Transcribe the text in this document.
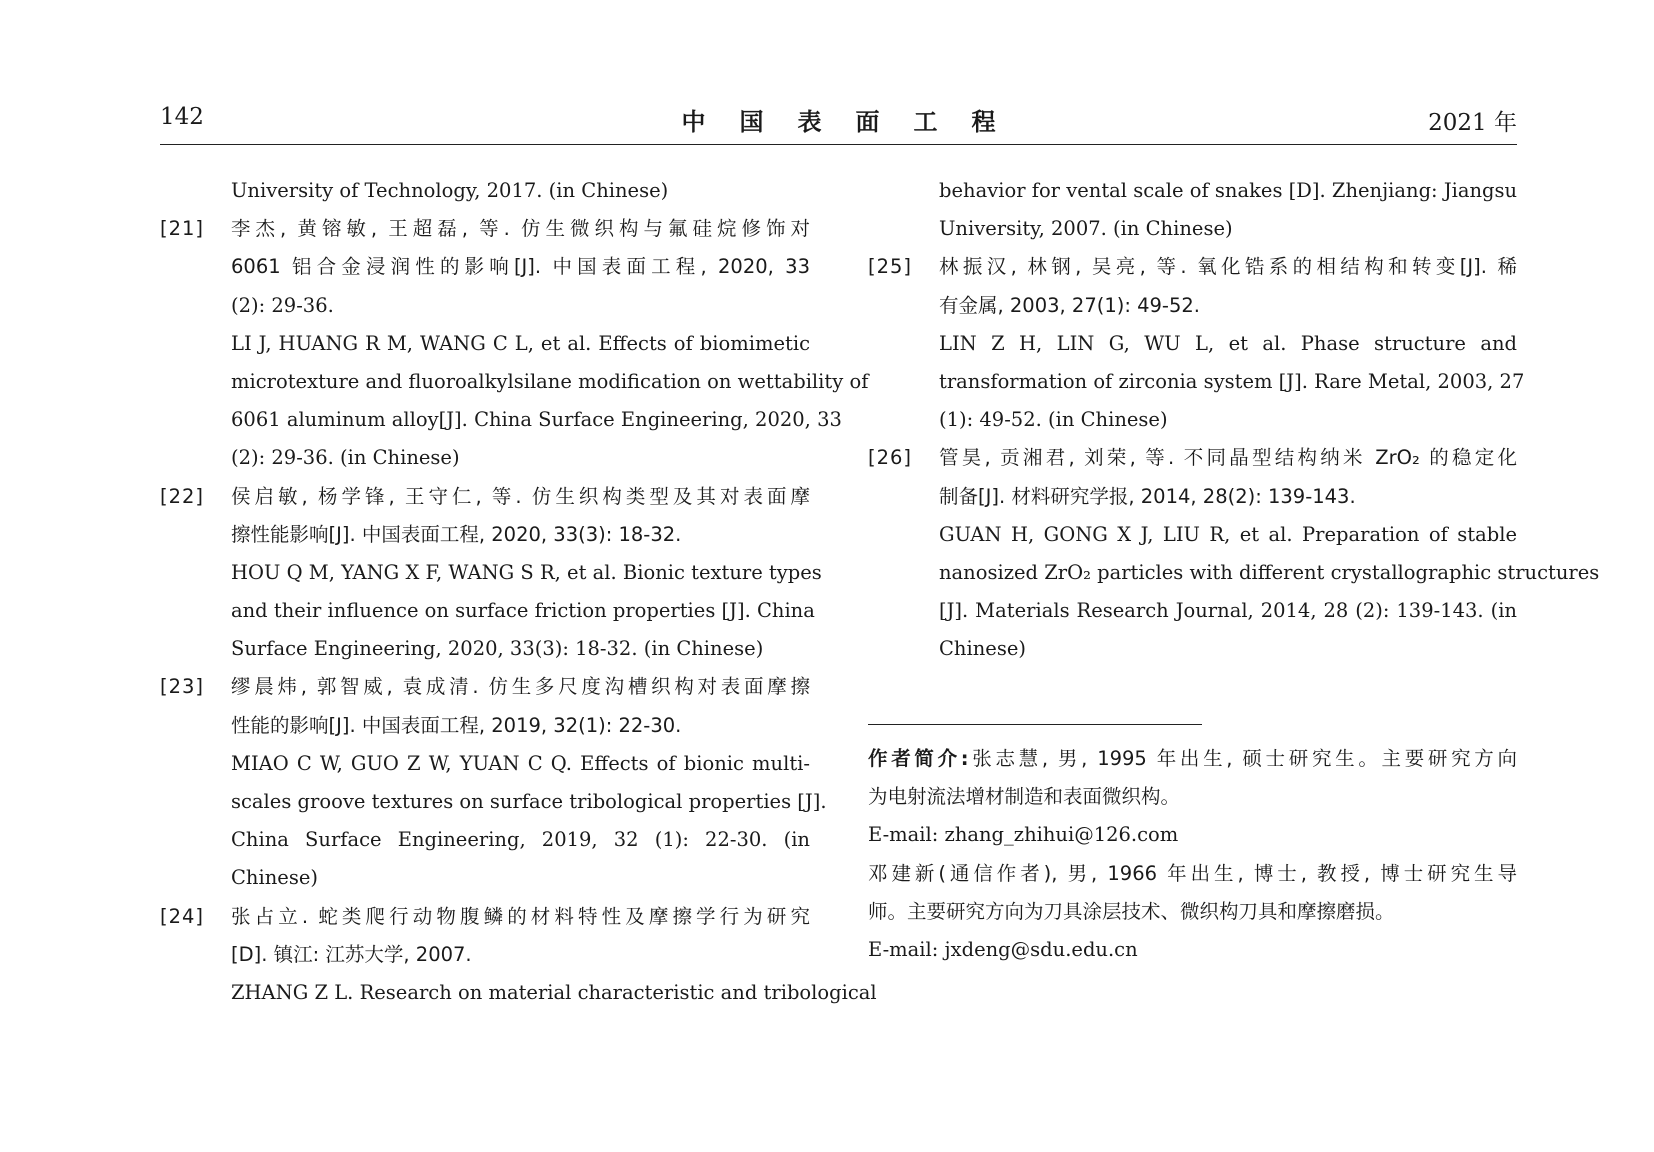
142	中国表面工程	2021 年
University of Technology, 2017. (in Chinese)
[21]	李杰, 黄镕敏, 王超磊, 等. 仿生微织构与氟硅烷修饰对
6061 铝合金浸润性的影响[J]. 中国表面工程, 2020, 33
(2): 29-36.
LI J, HUANG R M, WANG C L, et al. Effects of biomimetic
microtexture and fluoroalkylsilane modification on wettability of
6061 aluminum alloy[J]. China Surface Engineering, 2020, 33
(2): 29-36. (in Chinese)
[22]	侯启敏, 杨学锋, 王守仁, 等. 仿生织构类型及其对表面摩
擦性能影响[J]. 中国表面工程, 2020, 33(3): 18-32.
HOU Q M, YANG X F, WANG S R, et al. Bionic texture types
and their influence on surface friction properties [J]. China
Surface Engineering, 2020, 33(3): 18-32. (in Chinese)
[23]	缪晨炜, 郭智威, 袁成清. 仿生多尺度沟槽织构对表面摩擦
性能的影响[J]. 中国表面工程, 2019, 32(1): 22-30.
MIAO C W, GUO Z W, YUAN C Q. Effects of bionic multi-
scales groove textures on surface tribological properties [J].
China Surface Engineering, 2019, 32 (1): 22-30. (in
Chinese)
[24]	张占立. 蛇类爬行动物腹鳞的材料特性及摩擦学行为研究
[D]. 镇江: 江苏大学, 2007.
ZHANG Z L. Research on material characteristic and tribological
behavior for vental scale of snakes [D]. Zhenjiang: Jiangsu
University, 2007. (in Chinese)
[25]	林振汉, 林钢, 吴亮, 等. 氧化锆系的相结构和转变[J]. 稀
有金属, 2003, 27(1): 49-52.
LIN Z H, LIN G, WU L, et al. Phase structure and
transformation of zirconia system [J]. Rare Metal, 2003, 27
(1): 49-52. (in Chinese)
[26]	管昊, 贡湘君, 刘荣, 等. 不同晶型结构纳米 ZrO₂ 的稳定化
制备[J]. 材料研究学报, 2014, 28(2): 139-143.
GUAN H, GONG X J, LIU R, et al. Preparation of stable
nanosized ZrO₂ particles with different crystallographic structures
[J]. Materials Research Journal, 2014, 28 (2): 139-143. (in
Chinese)
作者简介:张志慧, 男, 1995 年出生, 硕士研究生。主要研究方向
为电射流法增材制造和表面微织构。
E-mail: zhang_zhihui@126.com
邓建新(通信作者), 男, 1966 年出生, 博士, 教授, 博士研究生导
师。主要研究方向为刀具涂层技术、微织构刀具和摩擦磨损。
E-mail: jxdeng@sdu.edu.cn
